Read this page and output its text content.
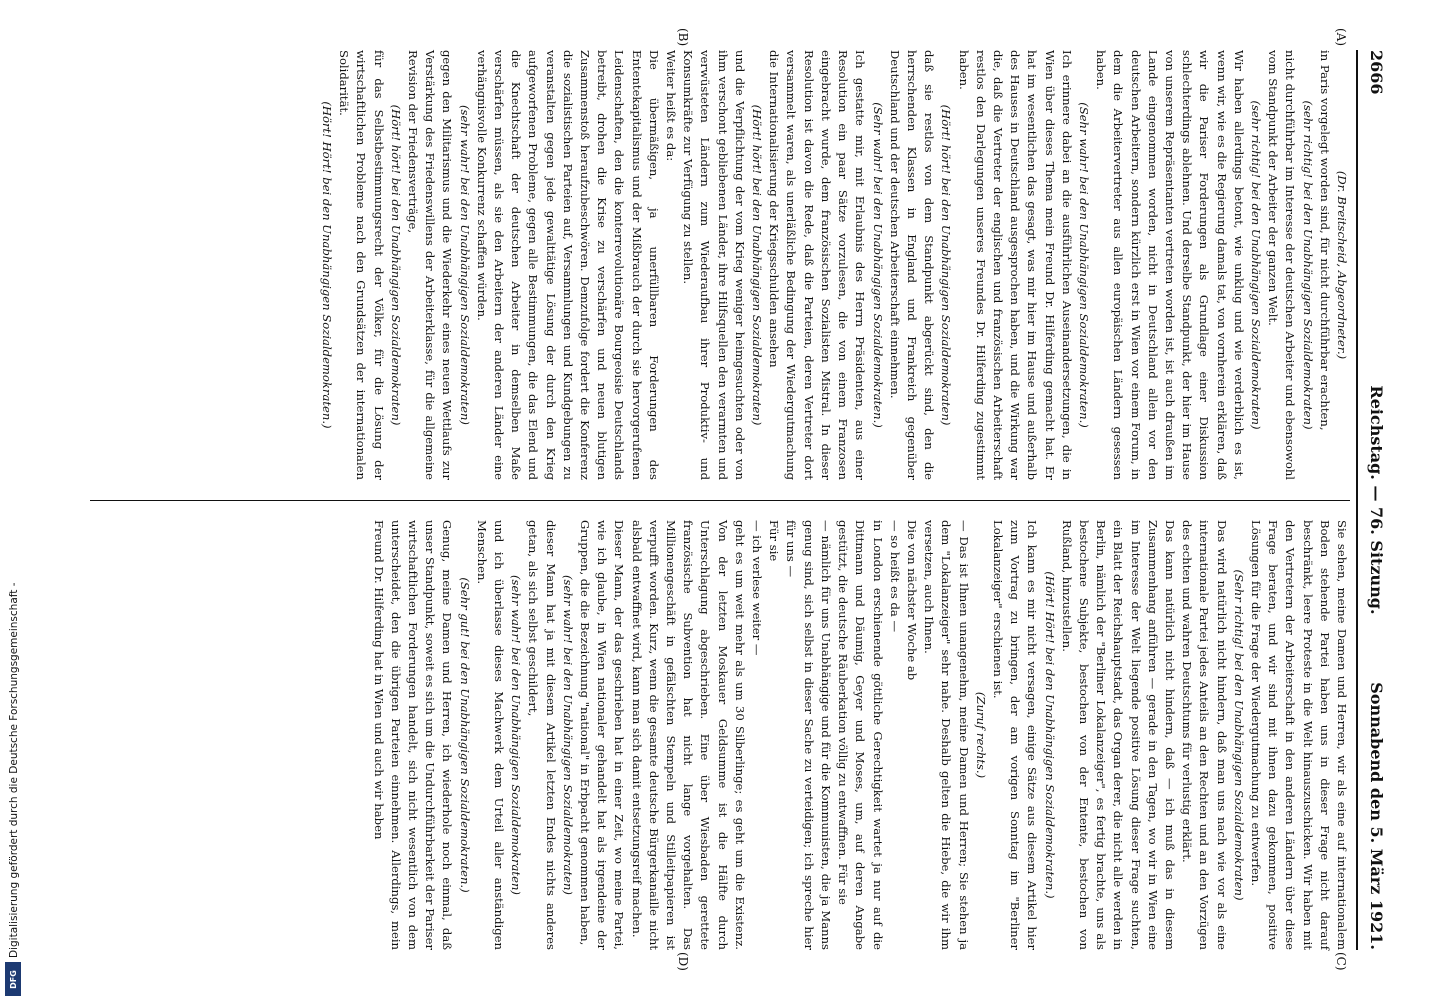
2666
Reichstag. — 76. Sitzung.
Sonnabend den 5. März 1921.
(A)
(B)
(C)
(D)

(Dr. Breitscheid, Abgeordneter.)

in Paris vorgelegt worden sind, für nicht durchführbar erachten,

(sehr richtig! bei den Unabhängigen Sozialdemokraten)

nicht durchführbar im Interesse der deutschen Arbeiter und ebensowohl vom Standpunkt der Arbeiter der ganzen Welt.

(sehr richtig! bei den Unabhängigen Sozialdemokraten)

Wir haben allerdings betont, wie unklug und wie verderblich es ist, wenn wir, wie es die Regierung damals tat, von vornherein erklären, daß wir die Pariser Forderungen als Grundlage einer Diskussion schlechterdings ablehnen. Und derselbe Standpunkt, der hier im Hause von unserem Repräsentanten vertreten worden ist, ist auch draußen im Lande eingenommen worden, nicht in Deutschland allein vor den deutschen Arbeitern, sondern kürzlich erst in Wien vor einem Forum, in dem die Arbeitervertreter aus allen europäischen Ländern gesessen haben.

(Sehr wahr! bei den Unabhängigen Sozialdemokraten.)

Ich erinnere dabei an die ausführlichen Auseinandersetzungen, die in Wien über dieses Thema mein Freund Dr. Hilferding gemacht hat. Er hat im wesentlichen das gesagt, was mir hier im Hause und außerhalb des Hauses in Deutschland ausgesprochen haben, und die Wirkung war die, daß die Vertreter der englischen und französischen Arbeiterschaft restlos den Darlegungen unseres Freundes Dr. Hilferding zugestimmt haben.

(Hört! hört! bei den Unabhängigen Sozialdemokraten)

daß sie restlos von dem Standpunkt abgerückt sind, den die herrschenden Klassen in England und Frankreich gegenüber Deutschland und der deutschen Arbeiterschaft einnehmen.

(Sehr wahr! bei den Unabhängigen Sozialdemokraten.)

Ich gestatte mir, mit Erlaubnis des Herrn Präsidenten, aus einer Resolution ein paar Sätze vorzulesen, die von einem Franzosen eingebracht wurde, dem französischen Sozialisten Mistral. In dieser Resolution ist davon die Rede, daß die Parteien, deren Vertreter dort versammelt waren, als unerläßliche Bedingung der Wiedergutmachung die Internationalisierung der Kriegsschulden ansehen

(Hört! hört! bei den Unabhängigen Sozialdemokraten)

und die Verpflichtung der vom Krieg weniger heimgesuchten oder von ihm verschont gebliebenen Länder, ihre Hilfsquellen den verarmten und verwüsteten Ländern zum Wiederaufbau ihrer Produktiv- und Konsumkräfte zur Verfügung zu stellen.

Weiter heißt es da:

Die übermäßigen, ja unerfüllbaren Forderungen des Ententekapitalismus und der Mißbrauch der durch sie hervorgerufenen Leidenschaften, den die konterrevolutionäre Bourgeoisie Deutschlands betreibt, drohen die Krise zu verschärfen und neuen blutigen Zusammenstoß heraufzubeschwören. Demzufolge fordert die Konferenz die sozialistischen Parteien auf, Versammlungen und Kundgebungen zu veranstalten gegen jede gewalttätige Lösung der durch den Krieg aufgeworfenen Probleme, gegen alle Bestimmungen, die das Elend und die Knechtschaft der deutschen Arbeiter in demselben Maße verschärfen müssen, als sie den Arbeitern der anderen Länder eine verhängnisvolle Konkurrenz schaffen würden.

(sehr wahr! bei den Unabhängigen Sozialdemokraten)

gegen den Militarismus und die Wiederkehr eines neuen Wettlaufs zur Verstärkung des Friedenswillens der Arbeiterklasse, für die allgemeine Revision der Friedensverträge,

(Hört! hört! bei den Unabhängigen Sozialdemokraten)

für das Selbstbestimmungsrecht der Völker, für die Lösung der wirtschaftlichen Probleme nach den Grundsätzen der internationalen Solidarität.

(Hört! Hört! bei den Unabhängigen Sozialdemokraten.)

Sie sehen, meine Damen und Herren, wir als eine auf internationalem Boden stehende Partei haben uns in dieser Frage nicht darauf beschränkt, leere Proteste in die Welt hinauszuschicken. Wir haben mit den Vertretern der Arbeiterschaft in den anderen Ländern über diese Frage beraten, und wir sind mit ihnen dazu gekommen, positive Lösungen für die Frage der Wiedergutmachung zu entwerfen.

(Sehr richtig! bei den Unabhängigen Sozialdemokraten)

Das wird natürlich nicht hindern, daß man uns nach wie vor als eine internationale Partei jedes Anteils an den Rechten und an den Vorzügen des echten und wahren Deutschtums für verlustig erklärt.

Das kann natürlich nicht hindern, daß — ich muß das in diesem Zusammenhang anführen — gerade in den Tagen, wo wir in Wien eine im Interesse der Welt liegende positive Lösung dieser Frage suchten, ein Blatt der Reichshauptstadt, das Organ derer, die nicht alle werden in Berlin, nämlich der "Berliner Lokalanzeiger", es fertig brachte, uns als bestochene Subjekte, bestochen von der Entente, bestochen von Rußland, hinzustellen.

(Hört! Hört! bei den Unabhängigen Sozialdemokraten.)

Ich kann es mir nicht versagen, einige Sätze aus diesem Artikel hier zum Vortrag zu bringen, der am vorigen Sonntag im "Berliner Lokalanzeiger" erschienen ist.

(Zuruf rechts.)

— Das ist Ihnen unangenehm, meine Damen und Herren; Sie stehen ja dem "Lokalanzeiger" sehr nahe. Deshalb gelten die Hiebe, die wir ihm versetzen, auch Ihnen.

Die von nächster Woche ab

— so heißt es da —

in London erschienende göttliche Gerechtigkeit wartet ja nur auf die Dittmann und Däumig, Geyer und Moses, um, auf deren Angabe gestützt, die deutsche Räuberkation völlig zu entwaffnen. Für sie

— nämlich für uns Unabhängige und für die Kommunisten, die ja Manns genug sind, sich selbst in dieser Sache zu verteidigen; ich spreche hier für uns —

Für sie

— ich verlese weiter —

geht es um weit mehr als um 30 Silberlinge; es geht um die Existenz. Von der letzten Moskauer Geldsumme ist die Hälfte durch Unterschlagung abgeschrieben. Eine über Wiesbaden gerettete französische Subvention hat nicht lange vorgehalten. Das Millionengeschäft in gefälschten Stempeln und Stilleitpapieren ist verpufft worden. Kurz, wenn die gesamte deutsche Bürgerkanaille nicht alsbald entwaffnet wird, kann man sich damit entsetzungsreif machen.

Dieser Mann, der das geschrieben hat in einer Zeit, wo meine Partei, wie ich glaube, in Wien nationaler gehandelt hat als irgendeine der Gruppen, die die Bezeichnung "national" in Erbpacht genommen haben,

(sehr wahr! bei den Unabhängigen Sozialdemokraten)

dieser Mann hat ja mit diesem Artikel letzten Endes nichts anderes getan, als sich selbst geschildert,

(sehr wahr! bei den Unabhängigen Sozialdemokraten)

und ich überlasse dieses Machwerk dem Urteil aller anständigen Menschen.

(Sehr gut! bei den Unabhängigen Sozialdemokraten.)

Genug, meine Damen und Herren, ich wiederhole noch einmal, daß unser Standpunkt, soweit es sich um die Undurchführbarkeit der Pariser wirtschaftlichen Forderungen handelt, sich nicht wesentlich von dem unterscheidet, den die übrigen Parteien einnehmen. Allerdings, mein Freund Dr. Hilferding hat in Wien und auch wir haben

Digitalisierung gefördert durch die Deutsche Forschungsgemeinschaft -
DFG
